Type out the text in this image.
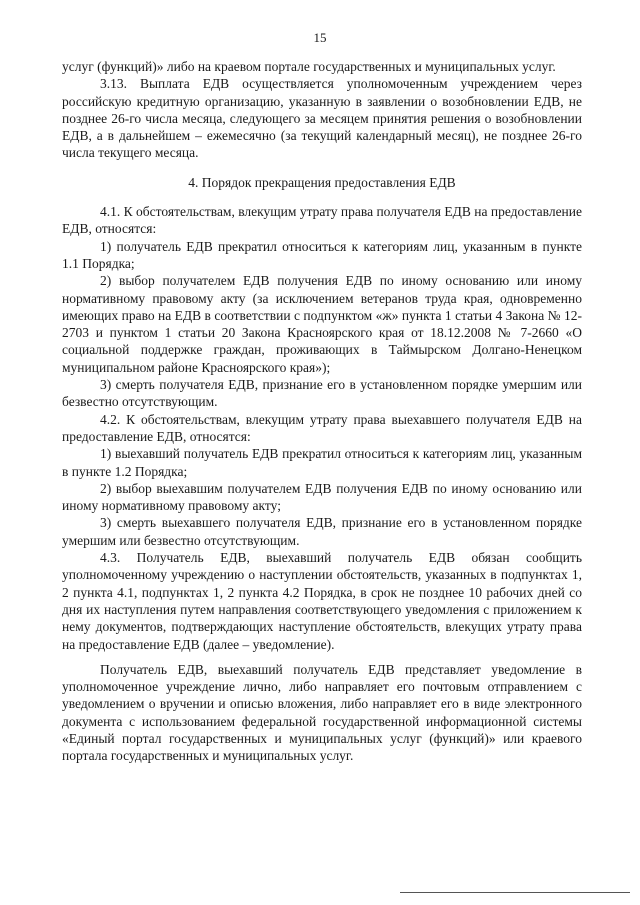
15

услуг (функций)» либо на краевом портале государственных и муниципальных услуг.

3.13. Выплата ЕДВ осуществляется уполномоченным учреждением через российскую кредитную организацию, указанную в заявлении о возобновлении ЕДВ, не позднее 26-го числа месяца, следующего за месяцем принятия решения о возобновлении ЕДВ, а в дальнейшем – ежемесячно (за текущий календарный месяц), не позднее 26-го числа текущего месяца.

4. Порядок прекращения предоставления ЕДВ

4.1. К обстоятельствам, влекущим утрату права получателя ЕДВ на предоставление ЕДВ, относятся:

1) получатель ЕДВ прекратил относиться к категориям лиц, указанным в пункте 1.1 Порядка;

2) выбор получателем ЕДВ получения ЕДВ по иному основанию или иному нормативному правовому акту (за исключением ветеранов труда края, одновременно имеющих право на ЕДВ в соответствии с подпунктом «ж» пункта 1 статьи 4 Закона № 12-2703 и пунктом 1 статьи 20 Закона Красноярского края от 18.12.2008 № 7-2660 «О социальной поддержке граждан, проживающих в Таймырском Долгано-Ненецком муниципальном районе Красноярского края»);

3) смерть получателя ЕДВ, признание его в установленном порядке умершим или безвестно отсутствующим.

4.2. К обстоятельствам, влекущим утрату права выехавшего получателя ЕДВ на предоставление ЕДВ, относятся:

1) выехавший получатель ЕДВ прекратил относиться к категориям лиц, указанным в пункте 1.2 Порядка;

2) выбор выехавшим получателем ЕДВ получения ЕДВ по иному основанию или иному нормативному правовому акту;

3) смерть выехавшего получателя ЕДВ, признание его в установленном порядке умершим или безвестно отсутствующим.

4.3. Получатель ЕДВ, выехавший получатель ЕДВ обязан сообщить уполномоченному учреждению о наступлении обстоятельств, указанных в подпунктах 1, 2 пункта 4.1, подпунктах 1, 2 пункта 4.2 Порядка, в срок не позднее 10 рабочих дней со дня их наступления путем направления соответствующего уведомления с приложением к нему документов, подтверждающих наступление обстоятельств, влекущих утрату права на предоставление ЕДВ (далее – уведомление).

Получатель ЕДВ, выехавший получатель ЕДВ представляет уведомление в уполномоченное учреждение лично, либо направляет его почтовым отправлением с уведомлением о вручении и описью вложения, либо направляет его в виде электронного документа с использованием федеральной государственной информационной системы «Единый портал государственных и муниципальных услуг (функций)» или краевого портала государственных и муниципальных услуг.
